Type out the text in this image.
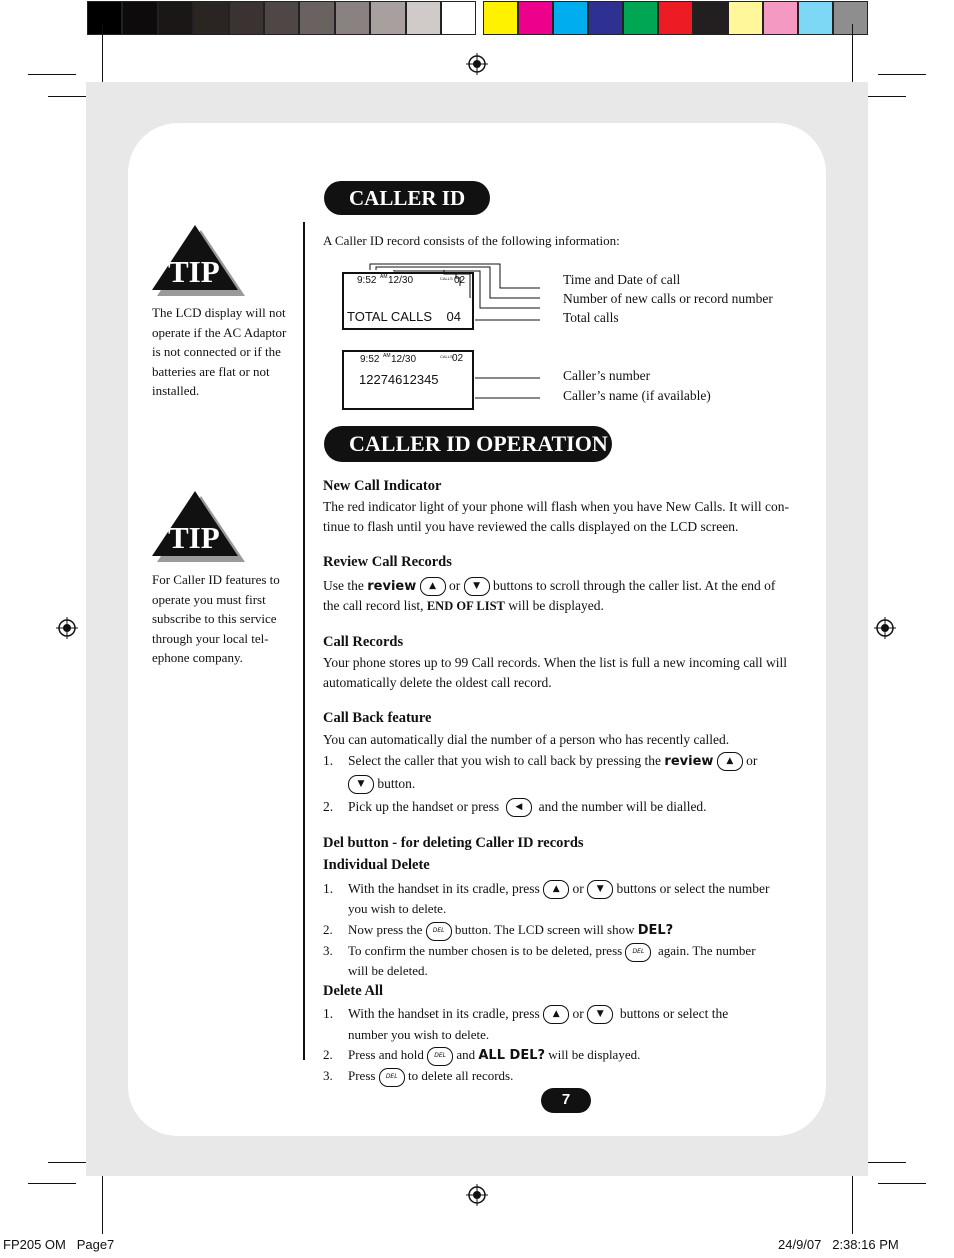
TIP
The LCD display will not operate if the AC Adaptor is not connected or if the batteries are flat or not installed.
TIP
For Caller ID features to operate you must first subscribe to this service through your local tel-ephone company.
CALLER ID
A Caller ID record consists of the following information:
9:52 AM 12/30	CALLS 02
TOTAL CALLS    04
9:52 AM 12/30	CALLS 02
12274612345
Time and Date of call
Number of new calls or record number
Total calls
Caller’s number
Caller’s name (if available)
CALLER ID OPERATION
New Call Indicator
The red indicator light of your phone will flash when you have New Calls. It will con-tinue to flash until you have reviewed the calls displayed on the LCD screen.
Review Call Records
Use the review ▲ or ▼ buttons to scroll through the caller list. At the end of
the call record list, END OF LIST will be displayed.
Call Records
Your phone stores up to 99 Call records. When the list is full a new incoming call will automatically delete the oldest call record.
Call Back feature
You can automatically dial the number of a person who has recently called.
1. Select the caller that you wish to call back by pressing the review ▲ or
▼ button.
2. Pick up the handset or press ◀ and the number will be dialled.
Del button - for deleting Caller ID records
Individual Delete
1. With the handset in its cradle, press ▲ or ▼ buttons or select the number
you wish to delete.
2. Now press the DEL button. The LCD screen will show DEL?
3. To confirm the number chosen is to be deleted, press DEL again. The number
will be deleted.
Delete All
1. With the handset in its cradle, press ▲ or ▼ buttons or select the
number you wish to delete.
2. Press and hold DEL and ALL DEL? will be displayed.
3. Press DEL to delete all records.
7
FP205 OM   Page7	24/9/07   2:38:16 PM
